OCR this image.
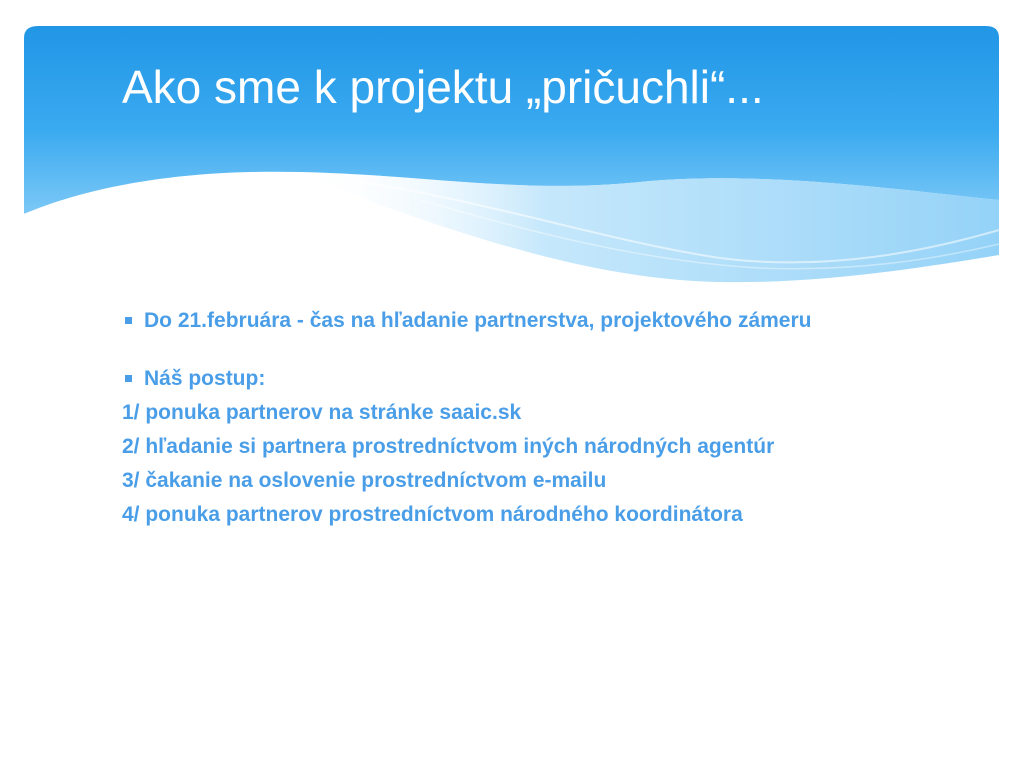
Ako sme k projektu „pričuchli“...

Do 21.februára - čas na hľadanie partnerstva, projektového zámeru

Náš postup:

1/ ponuka partnerov na stránke saaic.sk

2/ hľadanie si partnera prostredníctvom iných národných agentúr

3/ čakanie na oslovenie prostredníctvom e-mailu

4/ ponuka partnerov prostredníctvom národného koordinátora
